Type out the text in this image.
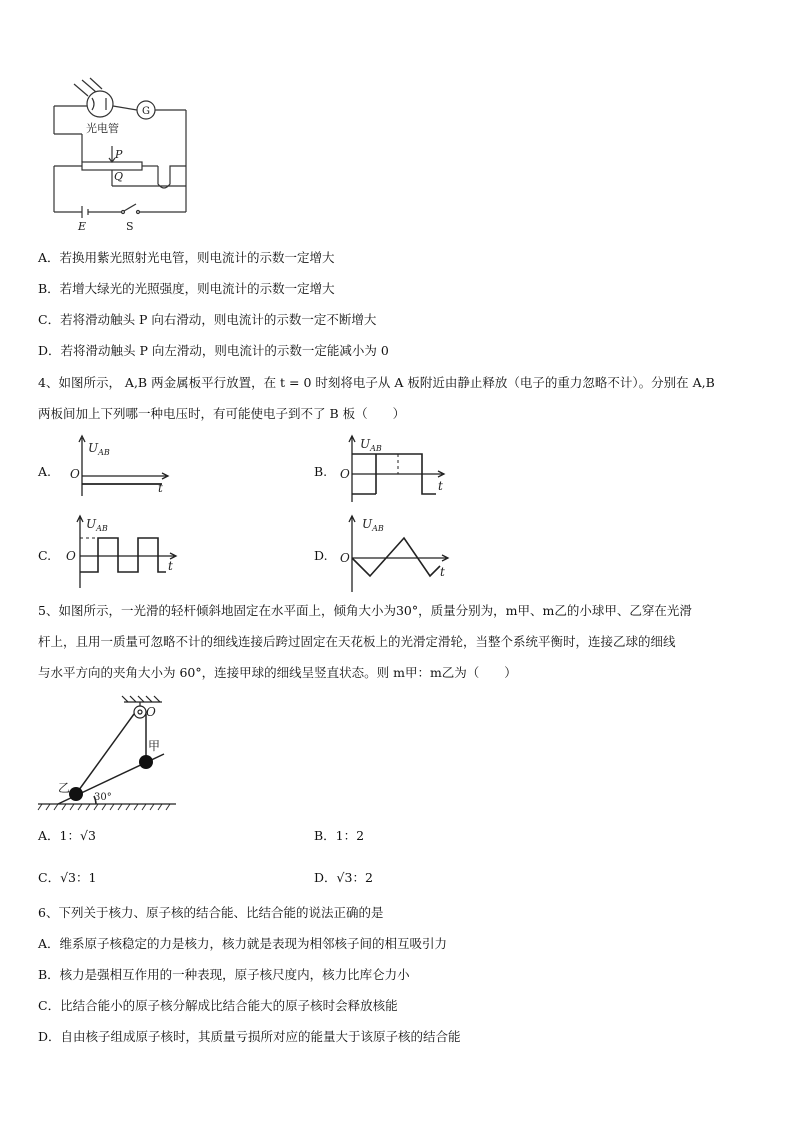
光电管
G
P
Q
E	S
A．若换用紫光照射光电管，则电流计的示数一定增大
B．若增大绿光的光照强度，则电流计的示数一定增大
C．若将滑动触头 P 向右滑动，则电流计的示数一定不断增大
D．若将滑动触头 P 向左滑动，则电流计的示数一定能减小为 0
4、如图所示， A,B 两金属板平行放置，在 t = 0 时刻将电子从 A 板附近由静止释放（电子的重力忽略不计）。分别在 A,B
两板间加上下列哪一种电压时，有可能使电子到不了 B 板（　　）
A.	B.
C.	D.
$U_{AB}$
O
t
$U_{AB}$
O
t
$U_{AB}$
O
t
$U_{AB}$
O
t
5、如图所示，一光滑的轻杆倾斜地固定在水平面上，倾角大小为30°，质量分别为，m甲、m乙的小球甲、乙穿在光滑
杆上，且用一质量可忽略不计的细线连接后跨过固定在天花板上的光滑定滑轮，当整个系统平衡时，连接乙球的细线
与水平方向的夹角大小为 60°，连接甲球的细线呈竖直状态。则 m甲：m乙为（　　）
O
甲
乙
30°
A．1：√3	B．1：2
C．√3：1	D．√3：2
6、下列关于核力、原子核的结合能、比结合能的说法正确的是
A．维系原子核稳定的力是核力，核力就是表现为相邻核子间的相互吸引力
B．核力是强相互作用的一种表现，原子核尺度内，核力比库仑力小
C．比结合能小的原子核分解成比结合能大的原子核时会释放核能
D．自由核子组成原子核时，其质量亏损所对应的能量大于该原子核的结合能
